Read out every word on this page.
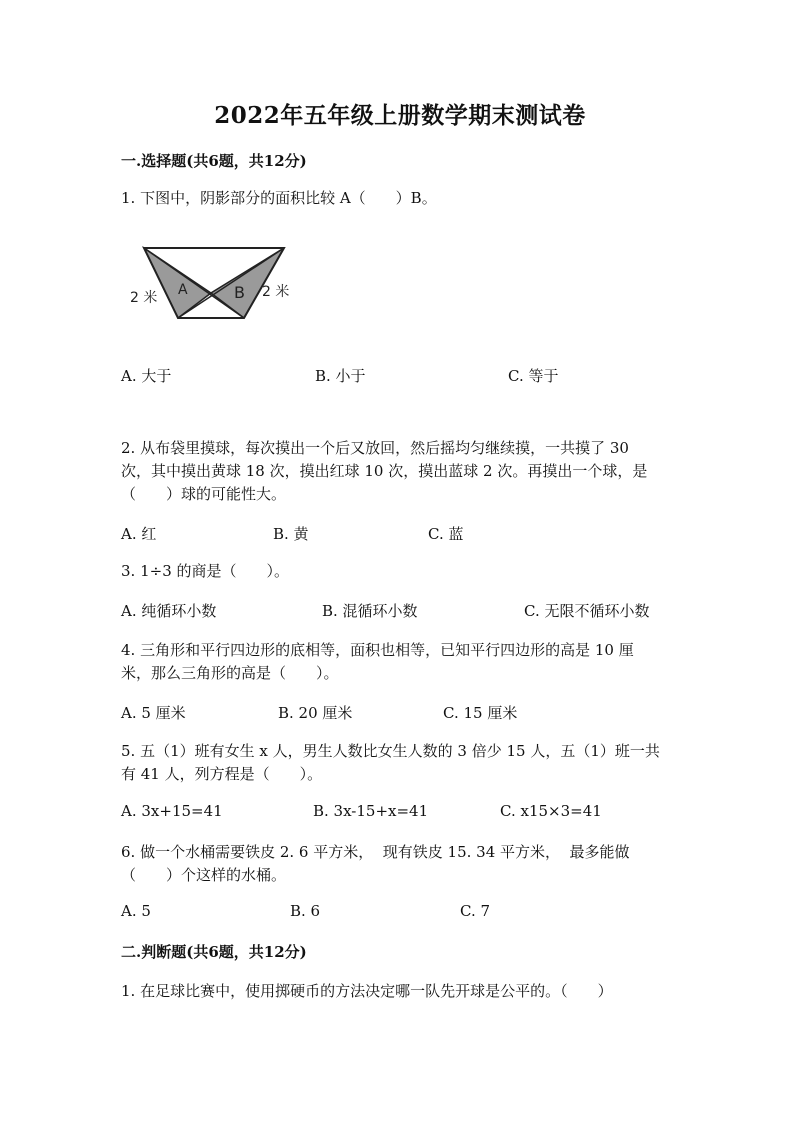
2022年五年级上册数学期末测试卷
一.选择题(共6题，共12分)
1. 下图中，阴影部分的面积比较 A（　　）B。
A	B
2 米	2 米
A. 大于	B. 小于	C. 等于
2. 从布袋里摸球，每次摸出一个后又放回，然后摇均匀继续摸，一共摸了 30
次，其中摸出黄球 18 次，摸出红球 10 次，摸出蓝球 2 次。再摸出一个球，是
（　　）球的可能性大。
A. 红	B. 黄	C. 蓝
3. 1÷3 的商是（　　）。
A. 纯循环小数	B. 混循环小数	C. 无限不循环小数
4. 三角形和平行四边形的底相等，面积也相等，已知平行四边形的高是 10 厘
米，那么三角形的高是（　　）。
A. 5 厘米	B. 20 厘米	C. 15 厘米
5. 五（1）班有女生 x 人，男生人数比女生人数的 3 倍少 15 人，五（1）班一共
有 41 人，列方程是（　　）。
A. 3x+15=41	B. 3x-15+x=41	C. x15×3=41
6. 做一个水桶需要铁皮 2. 6 平方米，  现有铁皮 15. 34 平方米，  最多能做
（　　）个这样的水桶。
A. 5	B. 6	C. 7
二.判断题(共6题，共12分)
1. 在足球比赛中，使用掷硬币的方法决定哪一队先开球是公平的。（　　）
